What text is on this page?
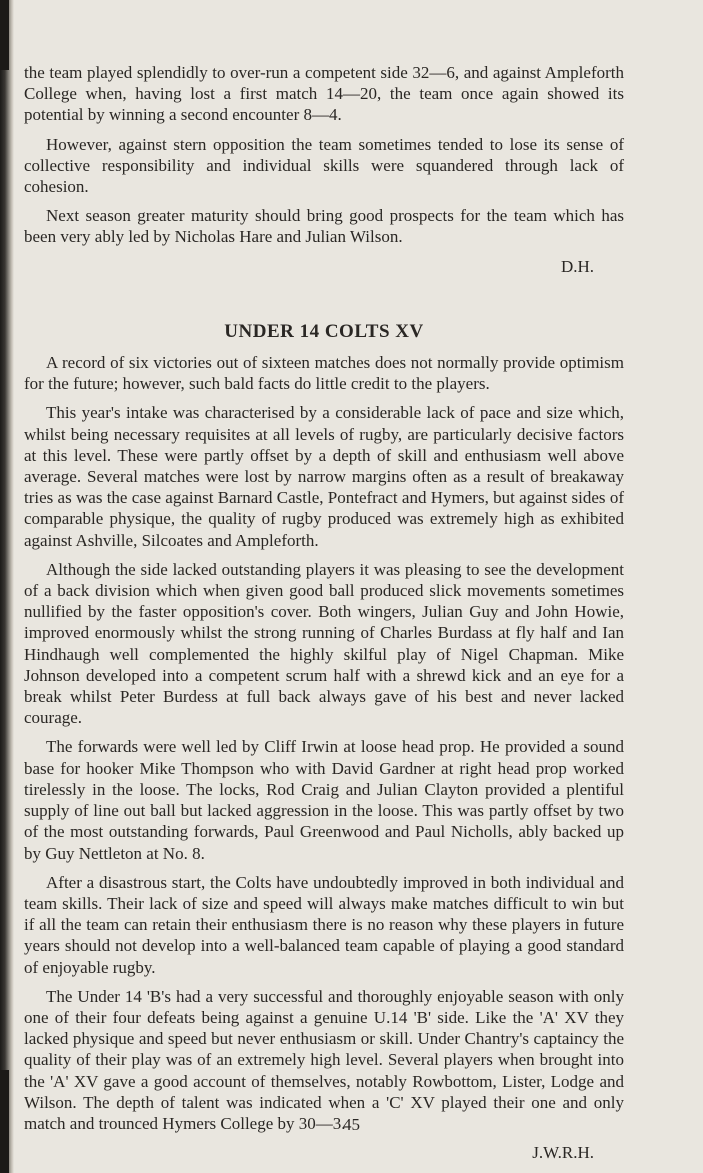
the team played splendidly to over-run a competent side 32—6, and against Ampleforth College when, having lost a first match 14—20, the team once again showed its potential by winning a second encounter 8—4.

However, against stern opposition the team sometimes tended to lose its sense of collective responsibility and individual skills were squandered through lack of cohesion.

Next season greater maturity should bring good prospects for the team which has been very ably led by Nicholas Hare and Julian Wilson.

D.H.

UNDER 14 COLTS XV

A record of six victories out of sixteen matches does not normally provide optimism for the future; however, such bald facts do little credit to the players.

This year's intake was characterised by a considerable lack of pace and size which, whilst being necessary requisites at all levels of rugby, are particularly decisive factors at this level. These were partly offset by a depth of skill and enthusiasm well above average. Several matches were lost by narrow margins often as a result of breakaway tries as was the case against Barnard Castle, Pontefract and Hymers, but against sides of comparable physique, the quality of rugby produced was extremely high as exhibited against Ashville, Silcoates and Ampleforth.

Although the side lacked outstanding players it was pleasing to see the development of a back division which when given good ball produced slick movements sometimes nullified by the faster opposition's cover. Both wingers, Julian Guy and John Howie, improved enormously whilst the strong running of Charles Burdass at fly half and Ian Hindhaugh well complemented the highly skilful play of Nigel Chapman. Mike Johnson developed into a competent scrum half with a shrewd kick and an eye for a break whilst Peter Burdess at full back always gave of his best and never lacked courage.

The forwards were well led by Cliff Irwin at loose head prop. He provided a sound base for hooker Mike Thompson who with David Gardner at right head prop worked tirelessly in the loose. The locks, Rod Craig and Julian Clayton provided a plentiful supply of line out ball but lacked aggression in the loose. This was partly offset by two of the most outstanding forwards, Paul Greenwood and Paul Nicholls, ably backed up by Guy Nettleton at No. 8.

After a disastrous start, the Colts have undoubtedly improved in both individual and team skills. Their lack of size and speed will always make matches difficult to win but if all the team can retain their enthusiasm there is no reason why these players in future years should not develop into a well-balanced team capable of playing a good standard of enjoyable rugby.

The Under 14 'B's had a very successful and thoroughly enjoyable season with only one of their four defeats being against a genuine U.14 'B' side. Like the 'A' XV they lacked physique and speed but never enthusiasm or skill. Under Chantry's captaincy the quality of their play was of an extremely high level. Several players when brought into the 'A' XV gave a good account of themselves, notably Rowbottom, Lister, Lodge and Wilson. The depth of talent was indicated when a 'C' XV played their one and only match and trounced Hymers College by 30—3.

J.W.R.H.

45
